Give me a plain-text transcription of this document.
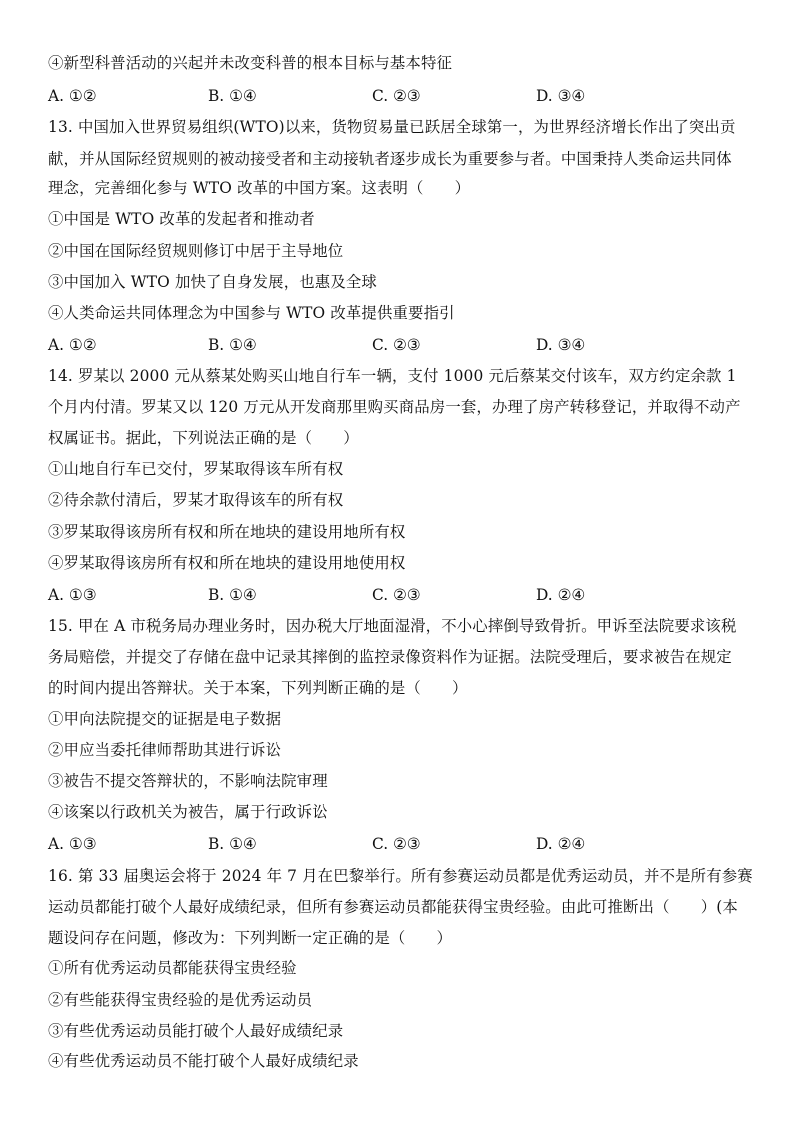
④新型科普活动的兴起并未改变科普的根本目标与基本特征
A. ①②	B. ①④	C. ②③	D. ③④
13. 中国加入世界贸易组织(WTO)以来，货物贸易量已跃居全球第一，为世界经济增长作出了突出贡
献，并从国际经贸规则的被动接受者和主动接轨者逐步成长为重要参与者。中国秉持人类命运共同体
理念，完善细化参与 WTO 改革的中国方案。这表明（　　）
①中国是 WTO 改革的发起者和推动者
②中国在国际经贸规则修订中居于主导地位
③中国加入 WTO 加快了自身发展，也惠及全球
④人类命运共同体理念为中国参与 WTO 改革提供重要指引
A. ①②	B. ①④	C. ②③	D. ③④
14. 罗某以 2000 元从蔡某处购买山地自行车一辆，支付 1000 元后蔡某交付该车，双方约定余款 1
个月内付清。罗某又以 120 万元从开发商那里购买商品房一套，办理了房产转移登记，并取得不动产
权属证书。据此，下列说法正确的是（　　）
①山地自行车已交付，罗某取得该车所有权
②待余款付清后，罗某才取得该车的所有权
③罗某取得该房所有权和所在地块的建设用地所有权
④罗某取得该房所有权和所在地块的建设用地使用权
A. ①③	B. ①④	C. ②③	D. ②④
15. 甲在 A 市税务局办理业务时，因办税大厅地面湿滑，不小心摔倒导致骨折。甲诉至法院要求该税
务局赔偿，并提交了存储在盘中记录其摔倒的监控录像资料作为证据。法院受理后，要求被告在规定
的时间内提出答辩状。关于本案，下列判断正确的是（　　）
①甲向法院提交的证据是电子数据
②甲应当委托律师帮助其进行诉讼
③被告不提交答辩状的，不影响法院审理
④该案以行政机关为被告，属于行政诉讼
A. ①③	B. ①④	C. ②③	D. ②④
16. 第 33 届奥运会将于 2024 年 7 月在巴黎举行。所有参赛运动员都是优秀运动员，并不是所有参赛
运动员都能打破个人最好成绩纪录，但所有参赛运动员都能获得宝贵经验。由此可推断出（　　）(本
题设问存在问题，修改为：下列判断一定正确的是（　　）
①所有优秀运动员都能获得宝贵经验
②有些能获得宝贵经验的是优秀运动员
③有些优秀运动员能打破个人最好成绩纪录
④有些优秀运动员不能打破个人最好成绩纪录
